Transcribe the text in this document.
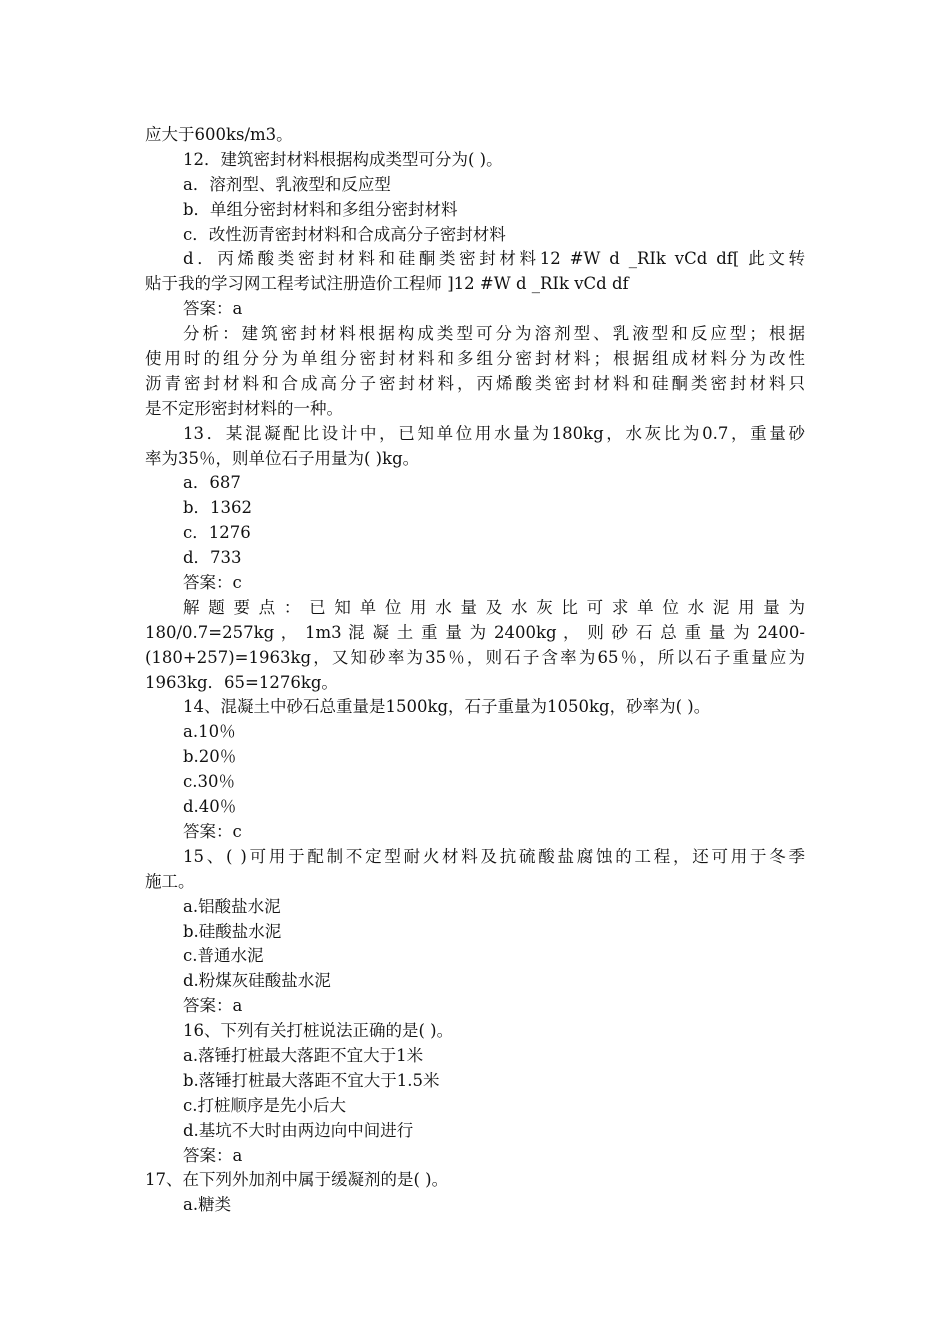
应大于600ks/m3。
12．建筑密封材料根据构成类型可分为( )。
a．溶剂型、乳液型和反应型
b．单组分密封材料和多组分密封材料
c．改性沥青密封材料和合成高分子密封材料
d．丙烯酸类密封材料和硅酮类密封材料12 #W d _RIk vCd df[ 此文转
贴于我的学习网工程考试注册造价工程师 ]12 #W d _RIk vCd df
答案：a
分析：建筑密封材料根据构成类型可分为溶剂型、乳液型和反应型；根据
使用时的组分分为单组分密封材料和多组分密封材料；根据组成材料分为改性
沥青密封材料和合成高分子密封材料，丙烯酸类密封材料和硅酮类密封材料只
是不定形密封材料的一种。
13．某混凝配比设计中，已知单位用水量为180kg，水灰比为0.7，重量砂
率为35％，则单位石子用量为( )kg。
a．687
b．1362
c．1276
d．733
答案：c
解 题 要 点 ： 已 知 单 位 用 水 量 及 水 灰 比 可 求 单 位 水 泥 用 量 为
180/0.7=257kg ， 1m3 混 凝 土 重 量 为 2400kg ， 则 砂 石 总 重 量 为 2400-
(180+257)=1963kg，又知砂率为35％，则石子含率为65％，所以石子重量应为
1963kg．65=1276kg。
14、混凝土中砂石总重量是1500kg，石子重量为1050kg，砂率为( )。
a.10％
b.20％
c.30％
d.40％
答案：c
15、( )可用于配制不定型耐火材料及抗硫酸盐腐蚀的工程，还可用于冬季
施工。
a.铝酸盐水泥
b.硅酸盐水泥
c.普通水泥
d.粉煤灰硅酸盐水泥
答案：a
16、下列有关打桩说法正确的是( )。
a.落锤打桩最大落距不宜大于1米
b.落锤打桩最大落距不宜大于1.5米
c.打桩顺序是先小后大
d.基坑不大时由两边向中间进行
答案：a
17、在下列外加剂中属于缓凝剂的是( )。
a.糖类
